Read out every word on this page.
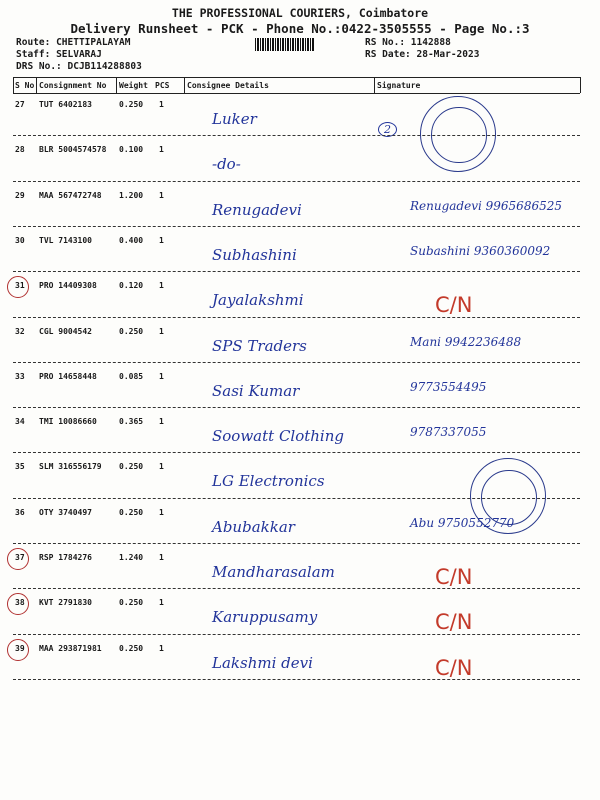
THE PROFESSIONAL COURIERS, Coimbatore
Delivery Runsheet - PCK - Phone No.:0422-3505555 - Page No.:3
Route: CHETTIPALAYAM
Staff: SELVARAJ
DRS No.: DCJB114288803
RS No.: 1142888
RS Date: 28-Mar-2023
S No Consignment No Weight PCS Consignee Details	Signature
27 TUT 6402183	0.250 1
Luker
2
28 BLR 5004574578 0.100 1
-do-
29 MAA 567472748 1.200 1
Renugadevi	Renugadevi 9965686525
30 TVL 7143100	0.400 1
Subhashini	Subashini 9360360092
31 PRO 14409308	0.120 1
Jayalakshmi	C/N
32 CGL 9004542	0.250 1
SPS Traders	Mani 9942236488
33 PRO 14658448	0.085 1
Sasi Kumar	9773554495
34 TMI 10086660	0.365 1
Soowatt Clothing	9787337055
35 SLM 316556179 0.250 1
LG Electronics
36 OTY 3740497	0.250 1
Abubakkar	Abu 9750552770
37 RSP 1784276	1.240 1
Mandharasalam	C/N
38 KVT 2791830	0.250 1
Karuppusamy	C/N
39 MAA 293871981 0.250 1
Lakshmi devi	C/N
